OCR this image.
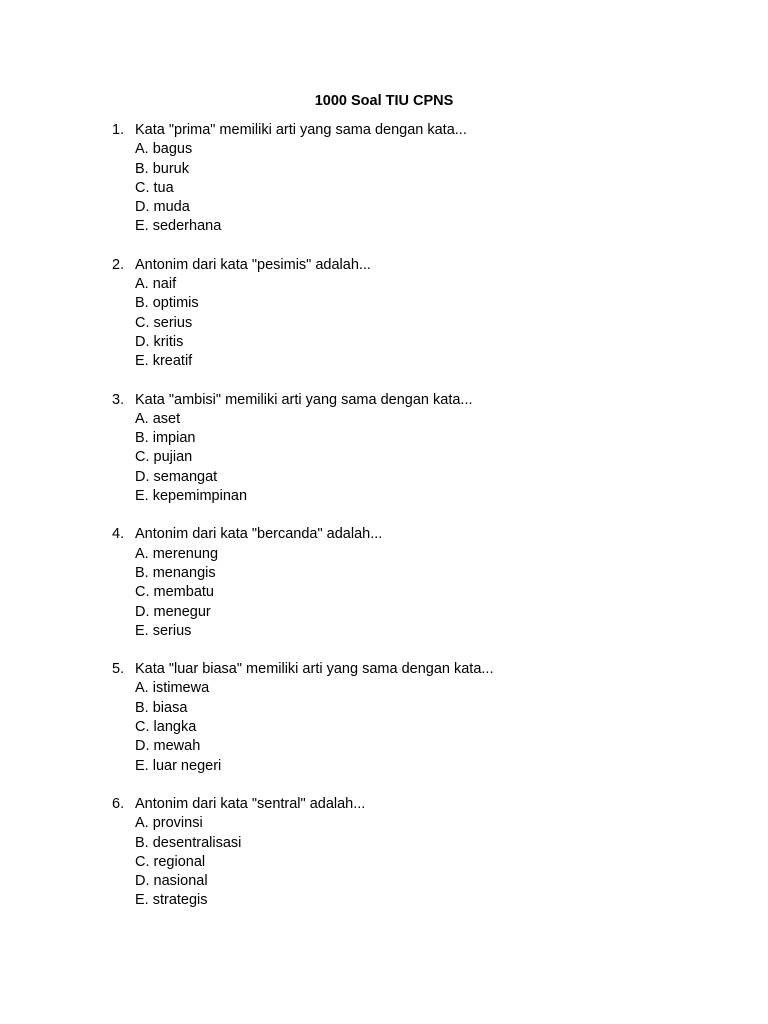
1000 Soal TIU CPNS
1. Kata "prima" memiliki arti yang sama dengan kata...
A. bagus
B. buruk
C. tua
D. muda
E. sederhana
2. Antonim dari kata "pesimis" adalah...
A. naif
B. optimis
C. serius
D. kritis
E. kreatif
3. Kata "ambisi" memiliki arti yang sama dengan kata...
A. aset
B. impian
C. pujian
D. semangat
E. kepemimpinan
4. Antonim dari kata "bercanda" adalah...
A. merenung
B. menangis
C. membatu
D. menegur
E. serius
5. Kata "luar biasa" memiliki arti yang sama dengan kata...
A. istimewa
B. biasa
C. langka
D. mewah
E. luar negeri
6. Antonim dari kata "sentral" adalah...
A. provinsi
B. desentralisasi
C. regional
D. nasional
E. strategis
